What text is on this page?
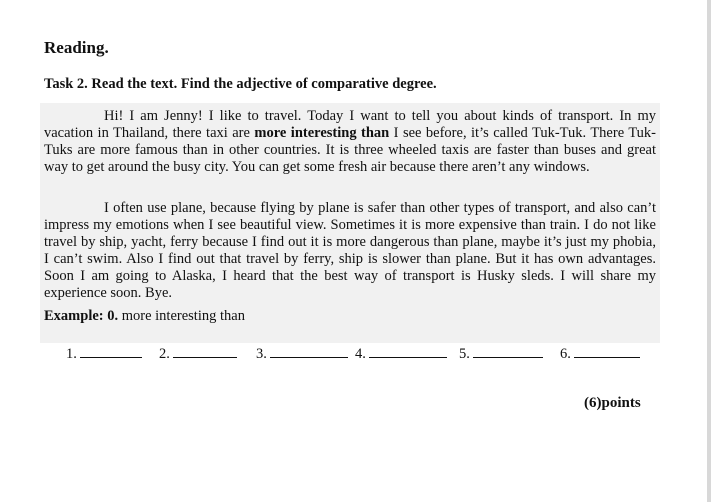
Reading.
Task 2. Read the text. Find the adjective of comparative degree.

Hi! I am Jenny! I like to travel. Today I want to tell you about kinds of transport. In my vacation in Thailand, there taxi are more interesting than I see before, it’s called Tuk-Tuk. There Tuk-Tuks are more famous than in other countries. It is three wheeled taxis are faster than buses and great way to get around the busy city. You can get some fresh air because there aren’t any windows.

I often use plane, because flying by plane is safer than other types of transport, and also can’t impress my emotions when I see beautiful view. Sometimes it is more expensive than train. I do not like travel by ship, yacht, ferry because I find out it is more dangerous than plane, maybe it’s just my phobia, I can’t swim. Also I find out that travel by ferry, ship is slower than plane. But it has own advantages. Soon I am going to Alaska, I heard that the best way of transport is Husky sleds. I will share my experience soon. Bye.

Example: 0. more interesting than
1.	2.	3.	4.	5.	6.
(6)points
